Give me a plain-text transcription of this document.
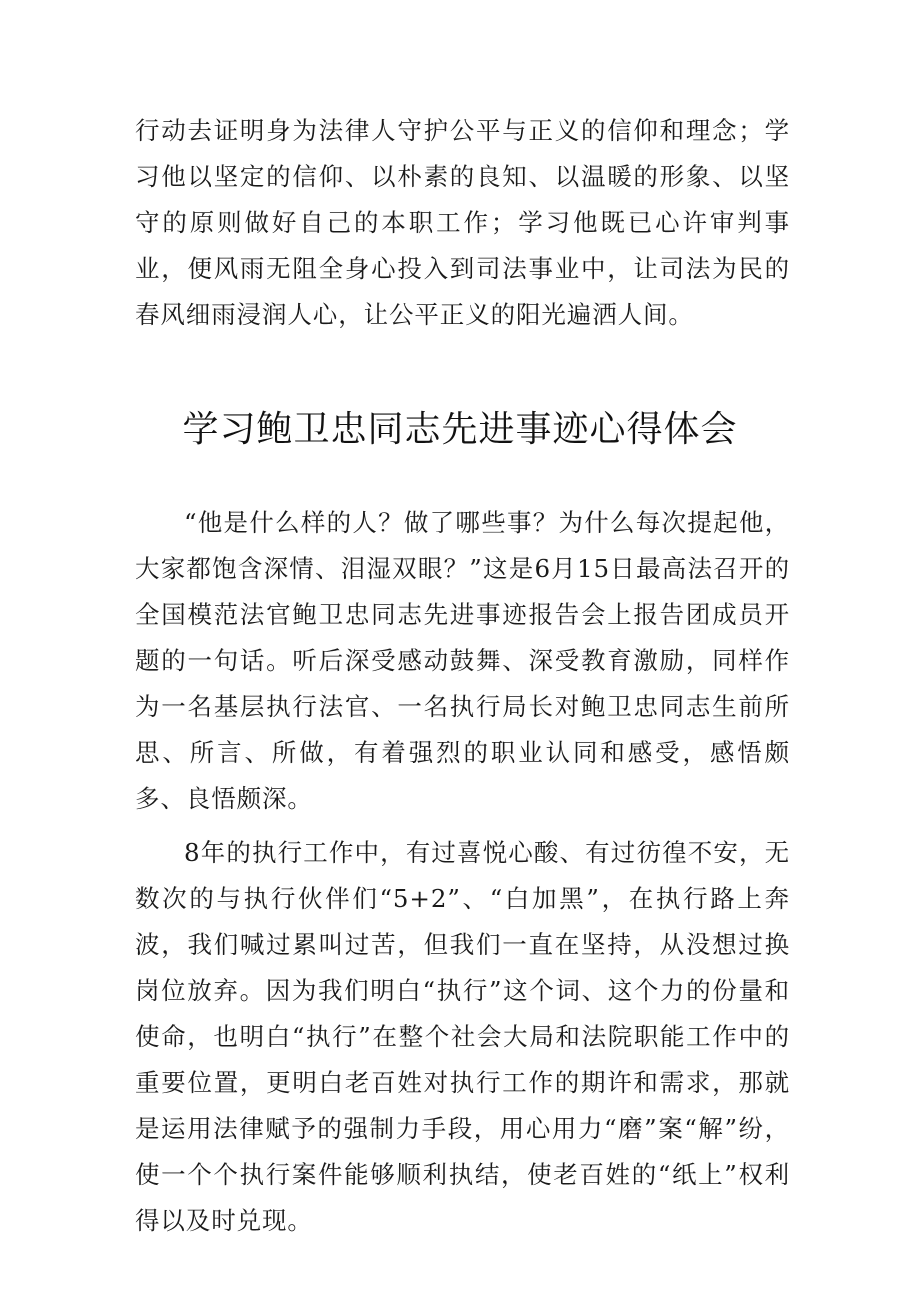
行动去证明身为法律人守护公平与正义的信仰和理念；学习他以坚定的信仰、以朴素的良知、以温暖的形象、以坚守的原则做好自己的本职工作；学习他既已心许审判事业，便风雨无阻全身心投入到司法事业中，让司法为民的春风细雨浸润人心，让公平正义的阳光遍洒人间。

学习鲍卫忠同志先进事迹心得体会

“他是什么样的人？做了哪些事？为什么每次提起他，大家都饱含深情、泪湿双眼？”这是6月15日最高法召开的全国模范法官鲍卫忠同志先进事迹报告会上报告团成员开题的一句话。听后深受感动鼓舞、深受教育激励，同样作为一名基层执行法官、一名执行局长对鲍卫忠同志生前所思、所言、所做，有着强烈的职业认同和感受，感悟颇多、良悟颇深。

8年的执行工作中，有过喜悦心酸、有过彷徨不安，无数次的与执行伙伴们“5+2”、“白加黑”，在执行路上奔波，我们喊过累叫过苦，但我们一直在坚持，从没想过换岗位放弃。因为我们明白“执行”这个词、这个力的份量和使命，也明白“执行”在整个社会大局和法院职能工作中的重要位置，更明白老百姓对执行工作的期许和需求，那就是运用法律赋予的强制力手段，用心用力“磨”案“解”纷，使一个个执行案件能够顺利执结，使老百姓的“纸上”权利得以及时兑现。
